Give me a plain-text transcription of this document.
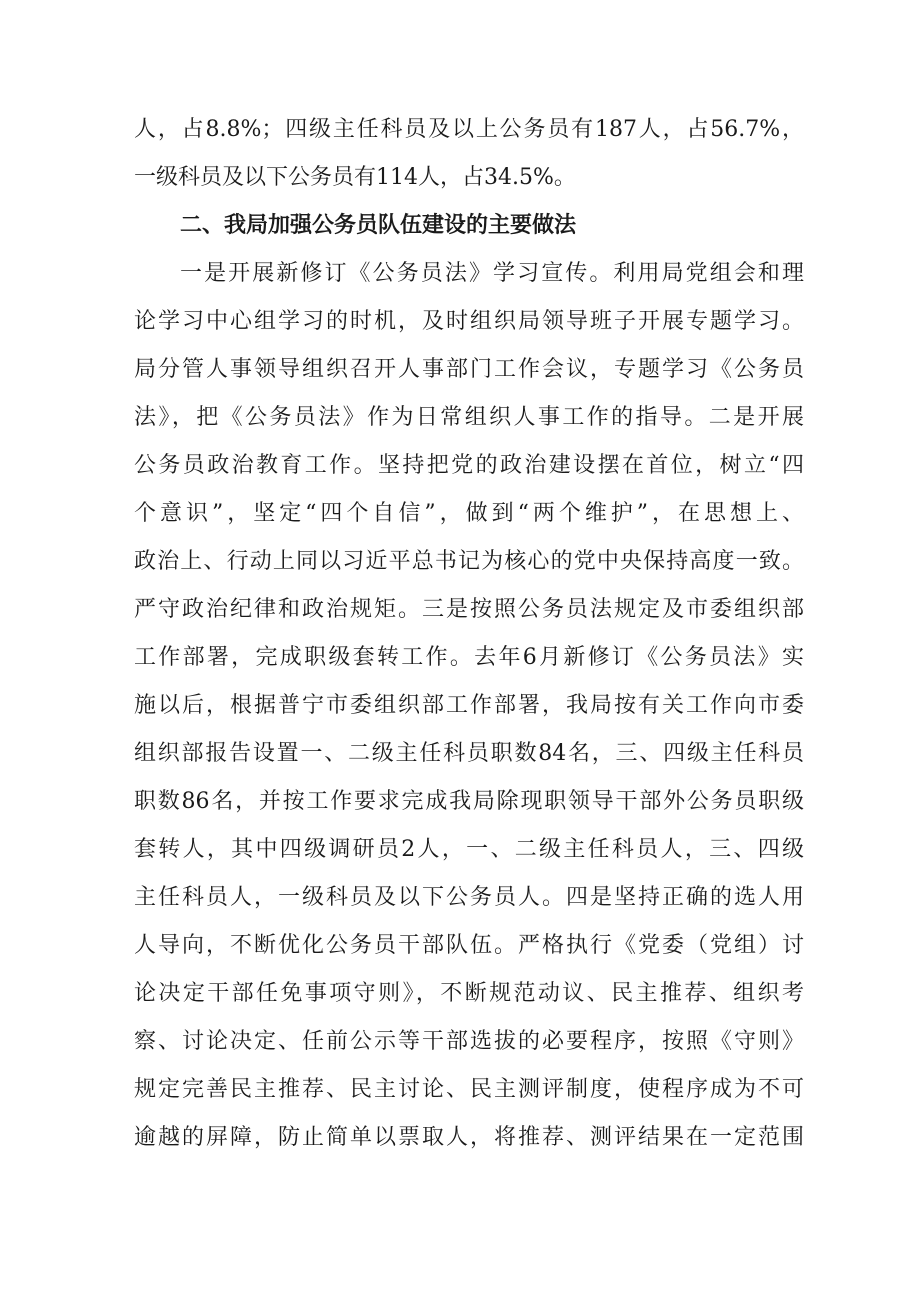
人，占8.8%；四级主任科员及以上公务员有187人，占56.7%，
一级科员及以下公务员有114人，占34.5%。
二、我局加强公务员队伍建设的主要做法
一是开展新修订《公务员法》学习宣传。利用局党组会和理
论学习中心组学习的时机，及时组织局领导班子开展专题学习。
局分管人事领导组织召开人事部门工作会议，专题学习《公务员
法》，把《公务员法》作为日常组织人事工作的指导。二是开展
公务员政治教育工作。坚持把党的政治建设摆在首位，树立“四
个意识”，坚定“四个自信”，做到“两个维护”，在思想上、
政治上、行动上同以习近平总书记为核心的党中央保持高度一致。
严守政治纪律和政治规矩。三是按照公务员法规定及市委组织部
工作部署，完成职级套转工作。去年6月新修订《公务员法》实
施以后，根据普宁市委组织部工作部署，我局按有关工作向市委
组织部报告设置一、二级主任科员职数84名，三、四级主任科员
职数86名，并按工作要求完成我局除现职领导干部外公务员职级
套转人，其中四级调研员2人，一、二级主任科员人，三、四级
主任科员人，一级科员及以下公务员人。四是坚持正确的选人用
人导向，不断优化公务员干部队伍。严格执行《党委（党组）讨
论决定干部任免事项守则》，不断规范动议、民主推荐、组织考
察、讨论决定、任前公示等干部选拔的必要程序，按照《守则》
规定完善民主推荐、民主讨论、民主测评制度，使程序成为不可
逾越的屏障，防止简单以票取人，将推荐、测评结果在一定范围
